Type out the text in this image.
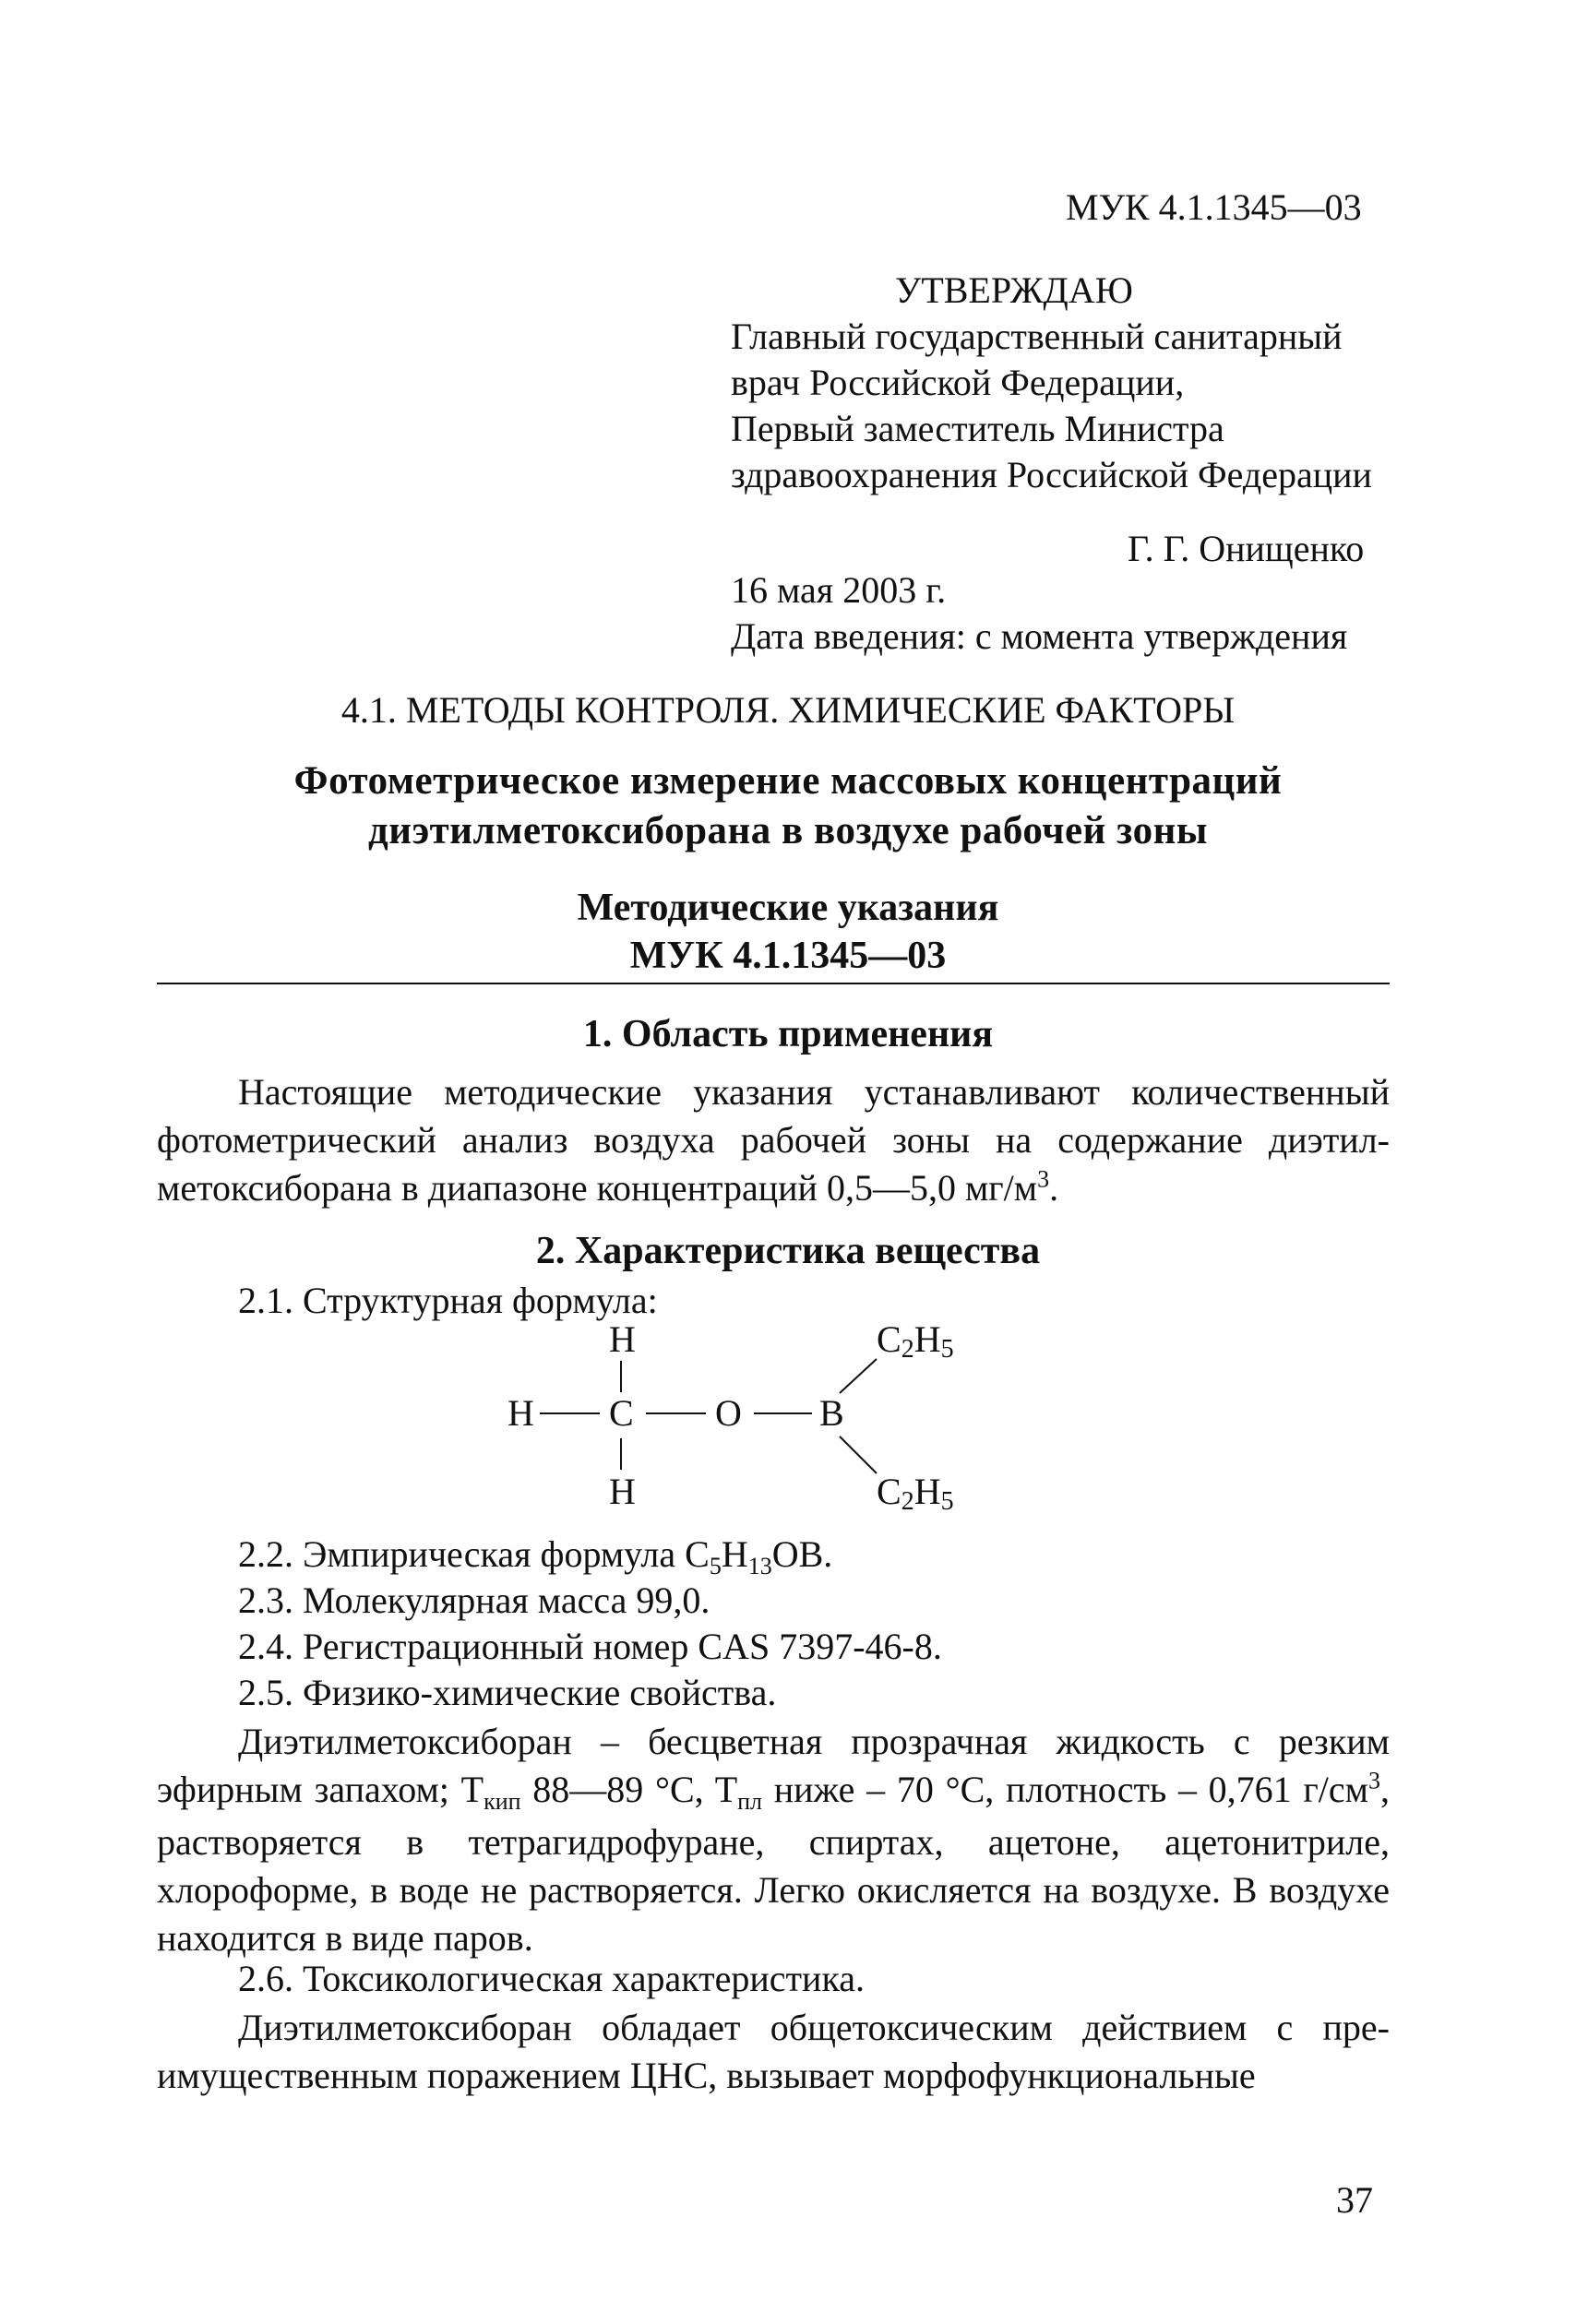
МУК 4.1.1345—03
УТВЕРЖДАЮ
Главный государственный санитарный
врач Российской Федерации,
Первый заместитель Министра
здравоохранения Российской Федерации
Г. Г. Онищенко
16 мая 2003 г.
Дата введения: с момента утверждения
4.1. МЕТОДЫ КОНТРОЛЯ. ХИМИЧЕСКИЕ ФАКТОРЫ
Фотометрическое измерение массовых концентраций
диэтилметоксиборана в воздухе рабочей зоны
Методические указания
МУК 4.1.1345—03
1. Область применения

Настоящие методические указания устанавливают количественный фотометрический анализ воздуха рабочей зоны на содержание диэтилметоксиборана в диапазоне концентраций 0,5—5,0 $мг/м^3$.

2. Характеристика вещества
2.1. Структурная формула:
H
H C O B
H
C2H5
C2H5
2.2. Эмпирическая формула $C_5H_{13}OB$.
2.3. Молекулярная масса 99,0.
2.4. Регистрационный номер CAS 7397-46-8.
2.5. Физико-химические свойства.

Диэтилметоксиборан – бесцветная прозрачная жидкость с резким эфирным запахом; $T_{кип}$ 88—89 °C, $T_{пл}$ ниже – 70 °C, плотность – 0,761 $г/см^3$, растворяется в тетрагидрофуране, спиртах, ацетоне, ацетонитриле, хлороформе, в воде не растворяется. Легко окисляется на воздухе. В воздухе находится в виде паров.

2.6. Токсикологическая характеристика.

Диэтилметоксиборан обладает общетоксическим действием с преимущественным поражением ЦНС, вызывает морфофункциональные

37
